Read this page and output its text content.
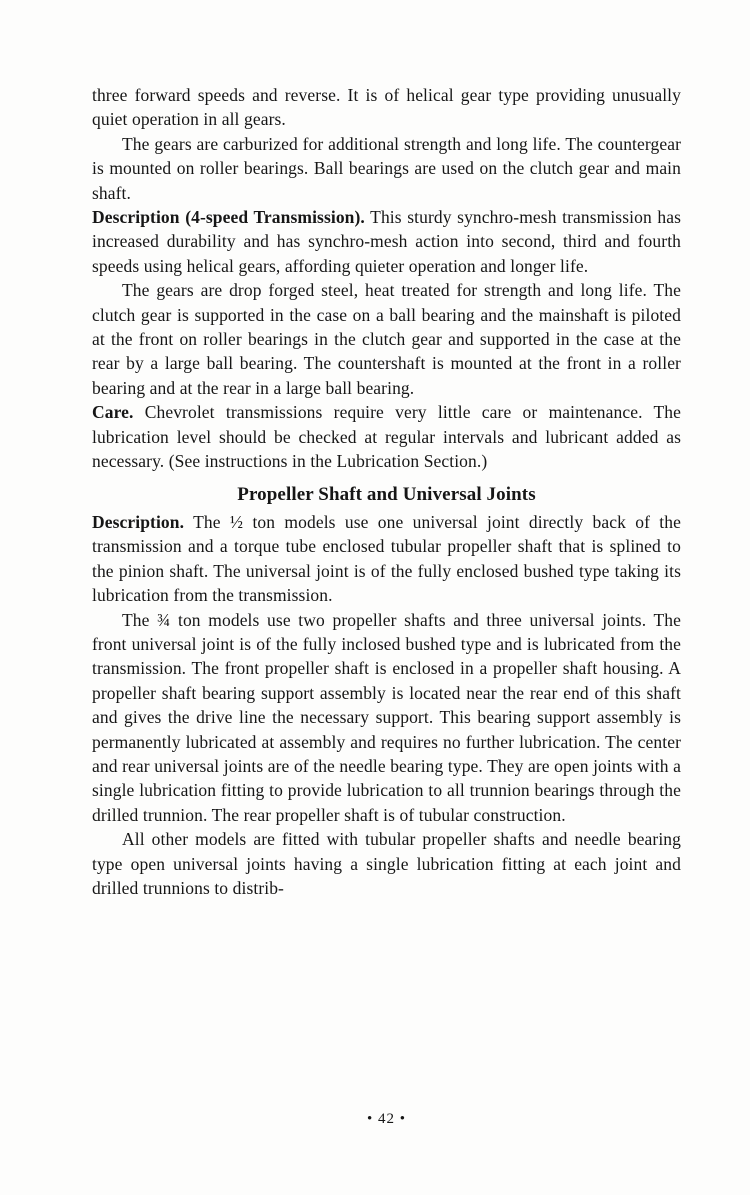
three forward speeds and reverse. It is of helical gear type providing unusually quiet operation in all gears.

The gears are carburized for additional strength and long life. The countergear is mounted on roller bearings. Ball bearings are used on the clutch gear and main shaft.

Description (4-speed Transmission). This sturdy synchro-mesh transmission has increased durability and has synchro-mesh action into second, third and fourth speeds using helical gears, affording quieter operation and longer life.

The gears are drop forged steel, heat treated for strength and long life. The clutch gear is supported in the case on a ball bearing and the mainshaft is piloted at the front on roller bearings in the clutch gear and supported in the case at the rear by a large ball bearing. The countershaft is mounted at the front in a roller bearing and at the rear in a large ball bearing.

Care. Chevrolet transmissions require very little care or maintenance. The lubrication level should be checked at regular intervals and lubricant added as necessary. (See instructions in the Lubrication Section.)

Propeller Shaft and Universal Joints

Description. The ½ ton models use one universal joint directly back of the transmission and a torque tube enclosed tubular propeller shaft that is splined to the pinion shaft. The universal joint is of the fully enclosed bushed type taking its lubrication from the transmission.

The ¾ ton models use two propeller shafts and three universal joints. The front universal joint is of the fully inclosed bushed type and is lubricated from the transmission. The front propeller shaft is enclosed in a propeller shaft housing. A propeller shaft bearing support assembly is located near the rear end of this shaft and gives the drive line the necessary support. This bearing support assembly is permanently lubricated at assembly and requires no further lubrication. The center and rear universal joints are of the needle bearing type. They are open joints with a single lubrication fitting to provide lubrication to all trunnion bearings through the drilled trunnion. The rear propeller shaft is of tubular construction.

All other models are fitted with tubular propeller shafts and needle bearing type open universal joints having a single lubrication fitting at each joint and drilled trunnions to distrib-

• 42 •
